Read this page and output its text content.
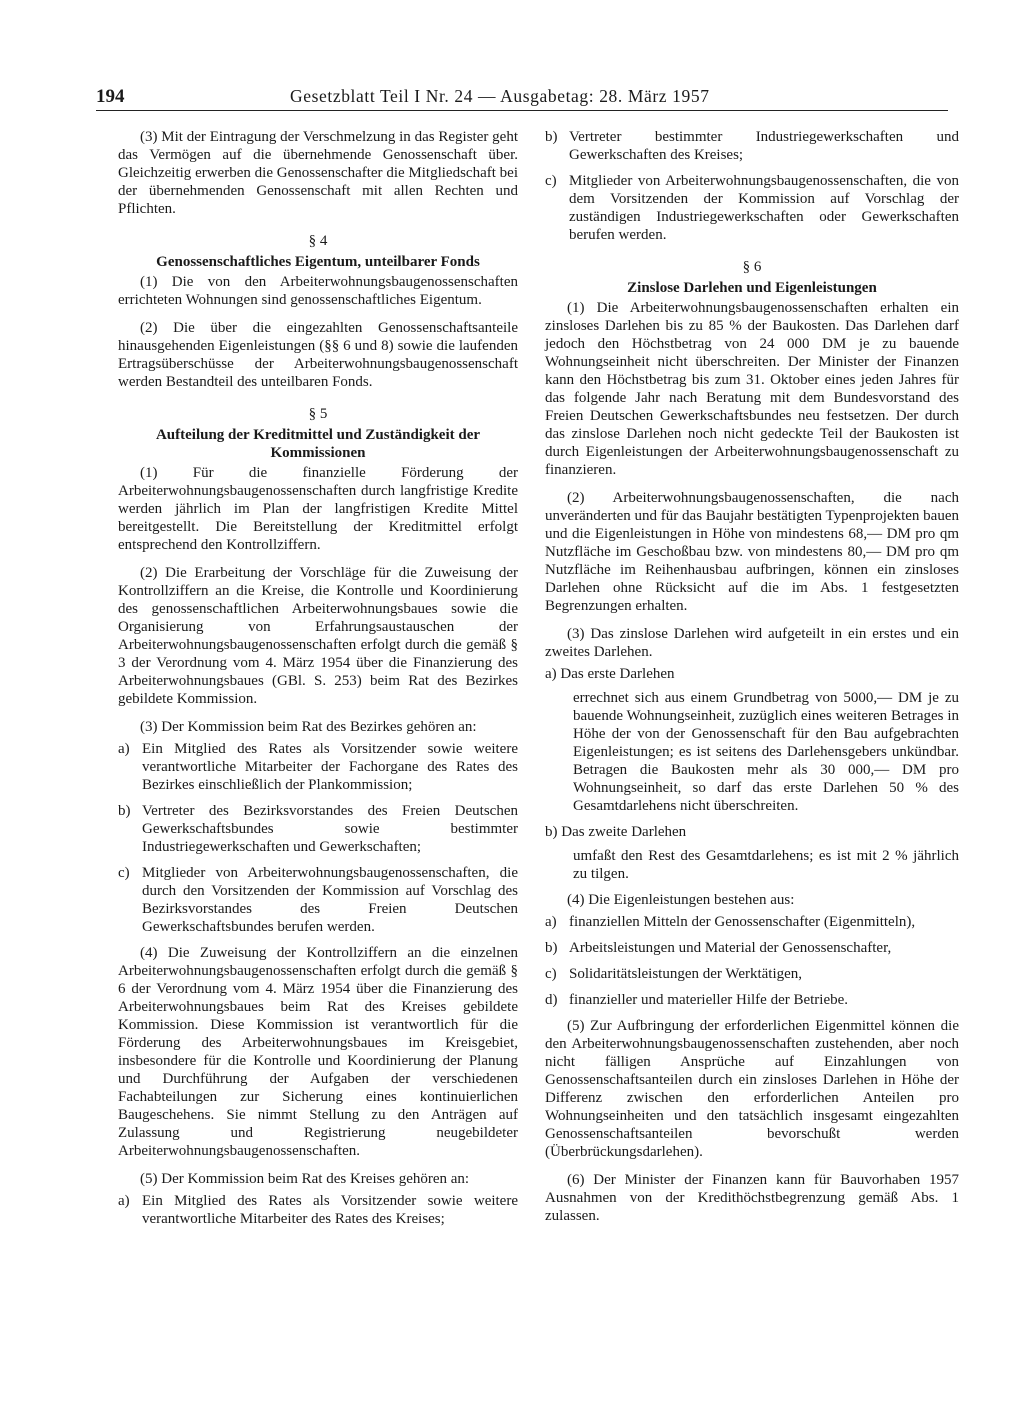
194	Gesetzblatt Teil I Nr. 24 — Ausgabetag: 28. März 1957

(3) Mit der Eintragung der Verschmelzung in das Register geht das Vermögen auf die übernehmende Genossenschaft über. Gleichzeitig erwerben die Genossenschafter die Mitgliedschaft bei der übernehmenden Genossenschaft mit allen Rechten und Pflichten.

§ 4
Genossenschaftliches Eigentum, unteilbarer Fonds

(1) Die von den Arbeiterwohnungsbaugenossenschaften errichteten Wohnungen sind genossenschaftliches Eigentum.

(2) Die über die eingezahlten Genossenschaftsanteile hinausgehenden Eigenleistungen (§§ 6 und 8) sowie die laufenden Ertragsüberschüsse der Arbeiterwohnungsbaugenossenschaft werden Bestandteil des unteilbaren Fonds.

§ 5
Aufteilung der Kreditmittel und Zuständigkeit der Kommissionen

(1) Für die finanzielle Förderung der Arbeiterwohnungsbaugenossenschaften durch langfristige Kredite werden jährlich im Plan der langfristigen Kredite Mittel bereitgestellt. Die Bereitstellung der Kreditmittel erfolgt entsprechend den Kontrollziffern.

(2) Die Erarbeitung der Vorschläge für die Zuweisung der Kontrollziffern an die Kreise, die Kontrolle und Koordinierung des genossenschaftlichen Arbeiterwohnungsbaues sowie die Organisierung von Erfahrungsaustauschen der Arbeiterwohnungsbaugenossenschaften erfolgt durch die gemäß § 3 der Verordnung vom 4. März 1954 über die Finanzierung des Arbeiterwohnungsbaues (GBl. S. 253) beim Rat des Bezirkes gebildete Kommission.

(3) Der Kommission beim Rat des Bezirkes gehören an:

a) Ein Mitglied des Rates als Vorsitzender sowie weitere verantwortliche Mitarbeiter der Fachorgane des Rates des Bezirkes einschließlich der Plankommission;
b) Vertreter des Bezirksvorstandes des Freien Deutschen Gewerkschaftsbundes sowie bestimmter Industriegewerkschaften und Gewerkschaften;
c) Mitglieder von Arbeiterwohnungsbaugenossenschaften, die durch den Vorsitzenden der Kommission auf Vorschlag des Bezirksvorstandes des Freien Deutschen Gewerkschaftsbundes berufen werden.

(4) Die Zuweisung der Kontrollziffern an die einzelnen Arbeiterwohnungsbaugenossenschaften erfolgt durch die gemäß § 6 der Verordnung vom 4. März 1954 über die Finanzierung des Arbeiterwohnungsbaues beim Rat des Kreises gebildete Kommission. Diese Kommission ist verantwortlich für die Förderung des Arbeiterwohnungsbaues im Kreisgebiet, insbesondere für die Kontrolle und Koordinierung der Planung und Durchführung der Aufgaben der verschiedenen Fachabteilungen zur Sicherung eines kontinuierlichen Baugeschehens. Sie nimmt Stellung zu den Anträgen auf Zulassung und Registrierung neugebildeter Arbeiterwohnungsbaugenossenschaften.

(5) Der Kommission beim Rat des Kreises gehören an:

a) Ein Mitglied des Rates als Vorsitzender sowie weitere verantwortliche Mitarbeiter des Rates des Kreises;
b) Vertreter bestimmter Industriegewerkschaften und Gewerkschaften des Kreises;
c) Mitglieder von Arbeiterwohnungsbaugenossenschaften, die von dem Vorsitzenden der Kommission auf Vorschlag der zuständigen Industriegewerkschaften oder Gewerkschaften berufen werden.
§ 6
Zinslose Darlehen und Eigenleistungen

(1) Die Arbeiterwohnungsbaugenossenschaften erhalten ein zinsloses Darlehen bis zu 85 % der Baukosten. Das Darlehen darf jedoch den Höchstbetrag von 24 000 DM je zu bauende Wohnungseinheit nicht überschreiten. Der Minister der Finanzen kann den Höchstbetrag bis zum 31. Oktober eines jeden Jahres für das folgende Jahr nach Beratung mit dem Bundesvorstand des Freien Deutschen Gewerkschaftsbundes neu festsetzen. Der durch das zinslose Darlehen noch nicht gedeckte Teil der Baukosten ist durch Eigenleistungen der Arbeiterwohnungsbaugenossenschaft zu finanzieren.

(2) Arbeiterwohnungsbaugenossenschaften, die nach unveränderten und für das Baujahr bestätigten Typenprojekten bauen und die Eigenleistungen in Höhe von mindestens 68,— DM pro qm Nutzfläche im Geschoßbau bzw. von mindestens 80,— DM pro qm Nutzfläche im Reihenhausbau aufbringen, können ein zinsloses Darlehen ohne Rücksicht auf die im Abs. 1 festgesetzten Begrenzungen erhalten.

(3) Das zinslose Darlehen wird aufgeteilt in ein erstes und ein zweites Darlehen.

a) Das erste Darlehen
errechnet sich aus einem Grundbetrag von 5000,— DM je zu bauende Wohnungseinheit, zuzüglich eines weiteren Betrages in Höhe der von der Genossenschaft für den Bau aufgebrachten Eigenleistungen; es ist seitens des Darlehensgebers unkündbar. Betragen die Baukosten mehr als 30 000,— DM pro Wohnungseinheit, so darf das erste Darlehen 50 % des Gesamtdarlehens nicht überschreiten.
b) Das zweite Darlehen
umfaßt den Rest des Gesamtdarlehens; es ist mit 2 % jährlich zu tilgen.

(4) Die Eigenleistungen bestehen aus:

a) finanziellen Mitteln der Genossenschafter (Eigenmitteln),
b) Arbeitsleistungen und Material der Genossenschafter,
c) Solidaritätsleistungen der Werktätigen,
d) finanzieller und materieller Hilfe der Betriebe.

(5) Zur Aufbringung der erforderlichen Eigenmittel können die den Arbeiterwohnungsbaugenossenschaften zustehenden, aber noch nicht fälligen Ansprüche auf Einzahlungen von Genossenschaftsanteilen durch ein zinsloses Darlehen in Höhe der Differenz zwischen den erforderlichen Anteilen pro Wohnungseinheiten und den tatsächlich insgesamt eingezahlten Genossenschaftsanteilen bevorschußt werden (Überbrückungsdarlehen).

(6) Der Minister der Finanzen kann für Bauvorhaben 1957 Ausnahmen von der Kredithöchstbegrenzung gemäß Abs. 1 zulassen.
